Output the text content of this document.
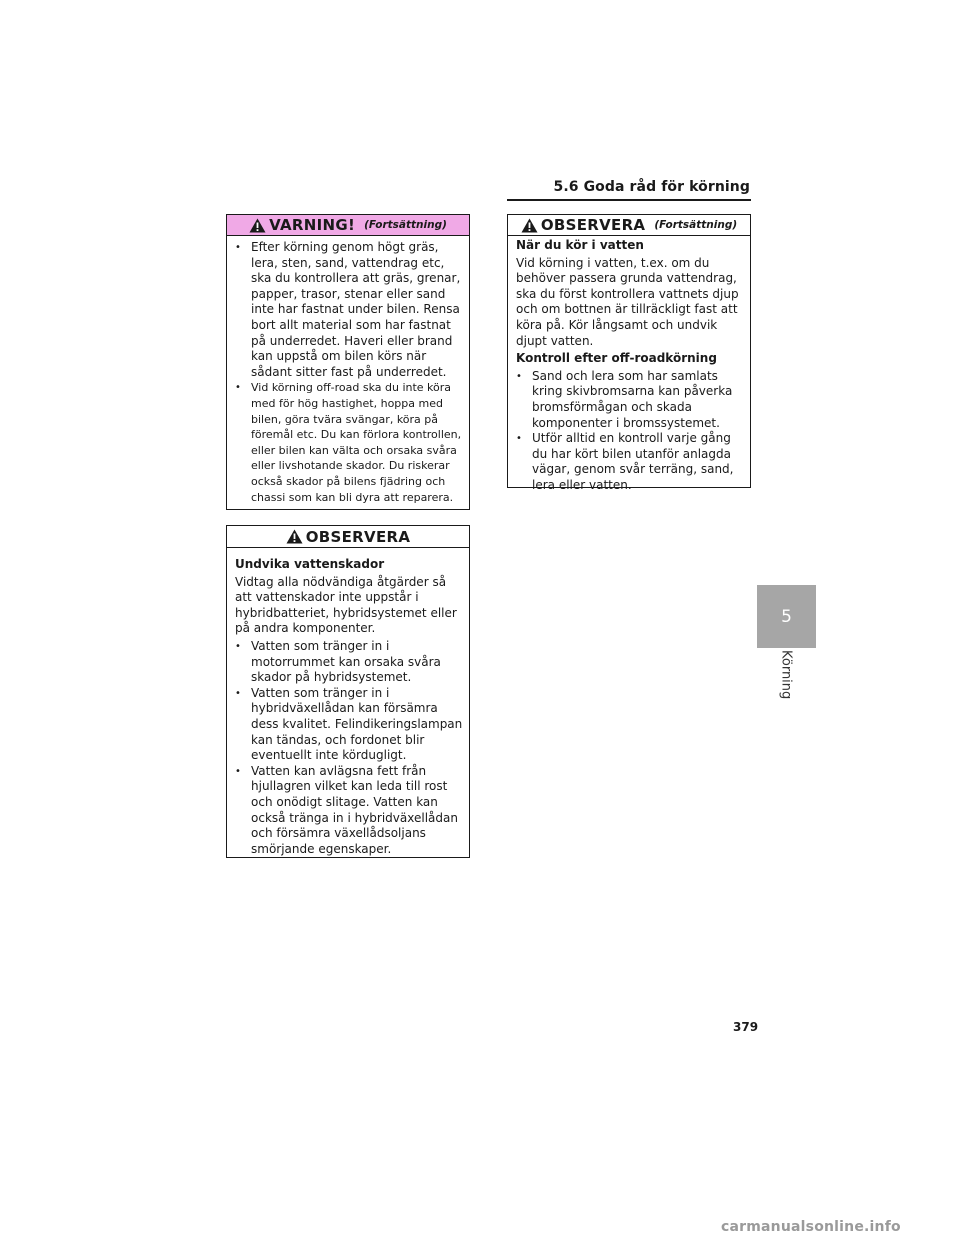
5.6 Goda råd för körning
VARNING! (Fortsättning)
• Efter körning genom högt gräs, lera, sten, sand, vattendrag etc, ska du kontrollera att gräs, grenar, papper, trasor, stenar eller sand inte har fastnat under bilen. Rensa bort allt material som har fastnat på underredet. Haveri eller brand kan uppstå om bilen körs när sådant sitter fast på underredet.
• Vid körning off-road ska du inte köra med för hög hastighet, hoppa med bilen, göra tvära svängar, köra på föremål etc. Du kan förlora kontrollen, eller bilen kan välta och orsaka svåra eller livshotande skador. Du riskerar också skador på bilens fjädring och chassi som kan bli dyra att reparera.
OBSERVERA

Undvika vattenskador

Vidtag alla nödvändiga åtgärder så att vattenskador inte uppstår i hybridbatteriet, hybridsystemet eller på andra komponenter.

• Vatten som tränger in i motorrummet kan orsaka svåra skador på hybridsystemet.
• Vatten som tränger in i hybridväxellådan kan försämra dess kvalitet. Felindikeringslampan kan tändas, och fordonet blir eventuellt inte kördugligt.
• Vatten kan avlägsna fett från hjullagren vilket kan leda till rost och onödigt slitage. Vatten kan också tränga in i hybridväxellådan och försämra växellådsoljans smörjande egenskaper.
OBSERVERA (Fortsättning)

När du kör i vatten

Vid körning i vatten, t.ex. om du behöver passera grunda vattendrag, ska du först kontrollera vattnets djup och om bottnen är tillräckligt fast att köra på. Kör långsamt och undvik djupt vatten.

Kontroll efter off-roadkörning

• Sand och lera som har samlats kring skivbromsarna kan påverka bromsförmågan och skada komponenter i bromssystemet.
• Utför alltid en kontroll varje gång du har kört bilen utanför anlagda vägar, genom svår terräng, sand, lera eller vatten.
5
Körning
379
carmanualsonline.info
